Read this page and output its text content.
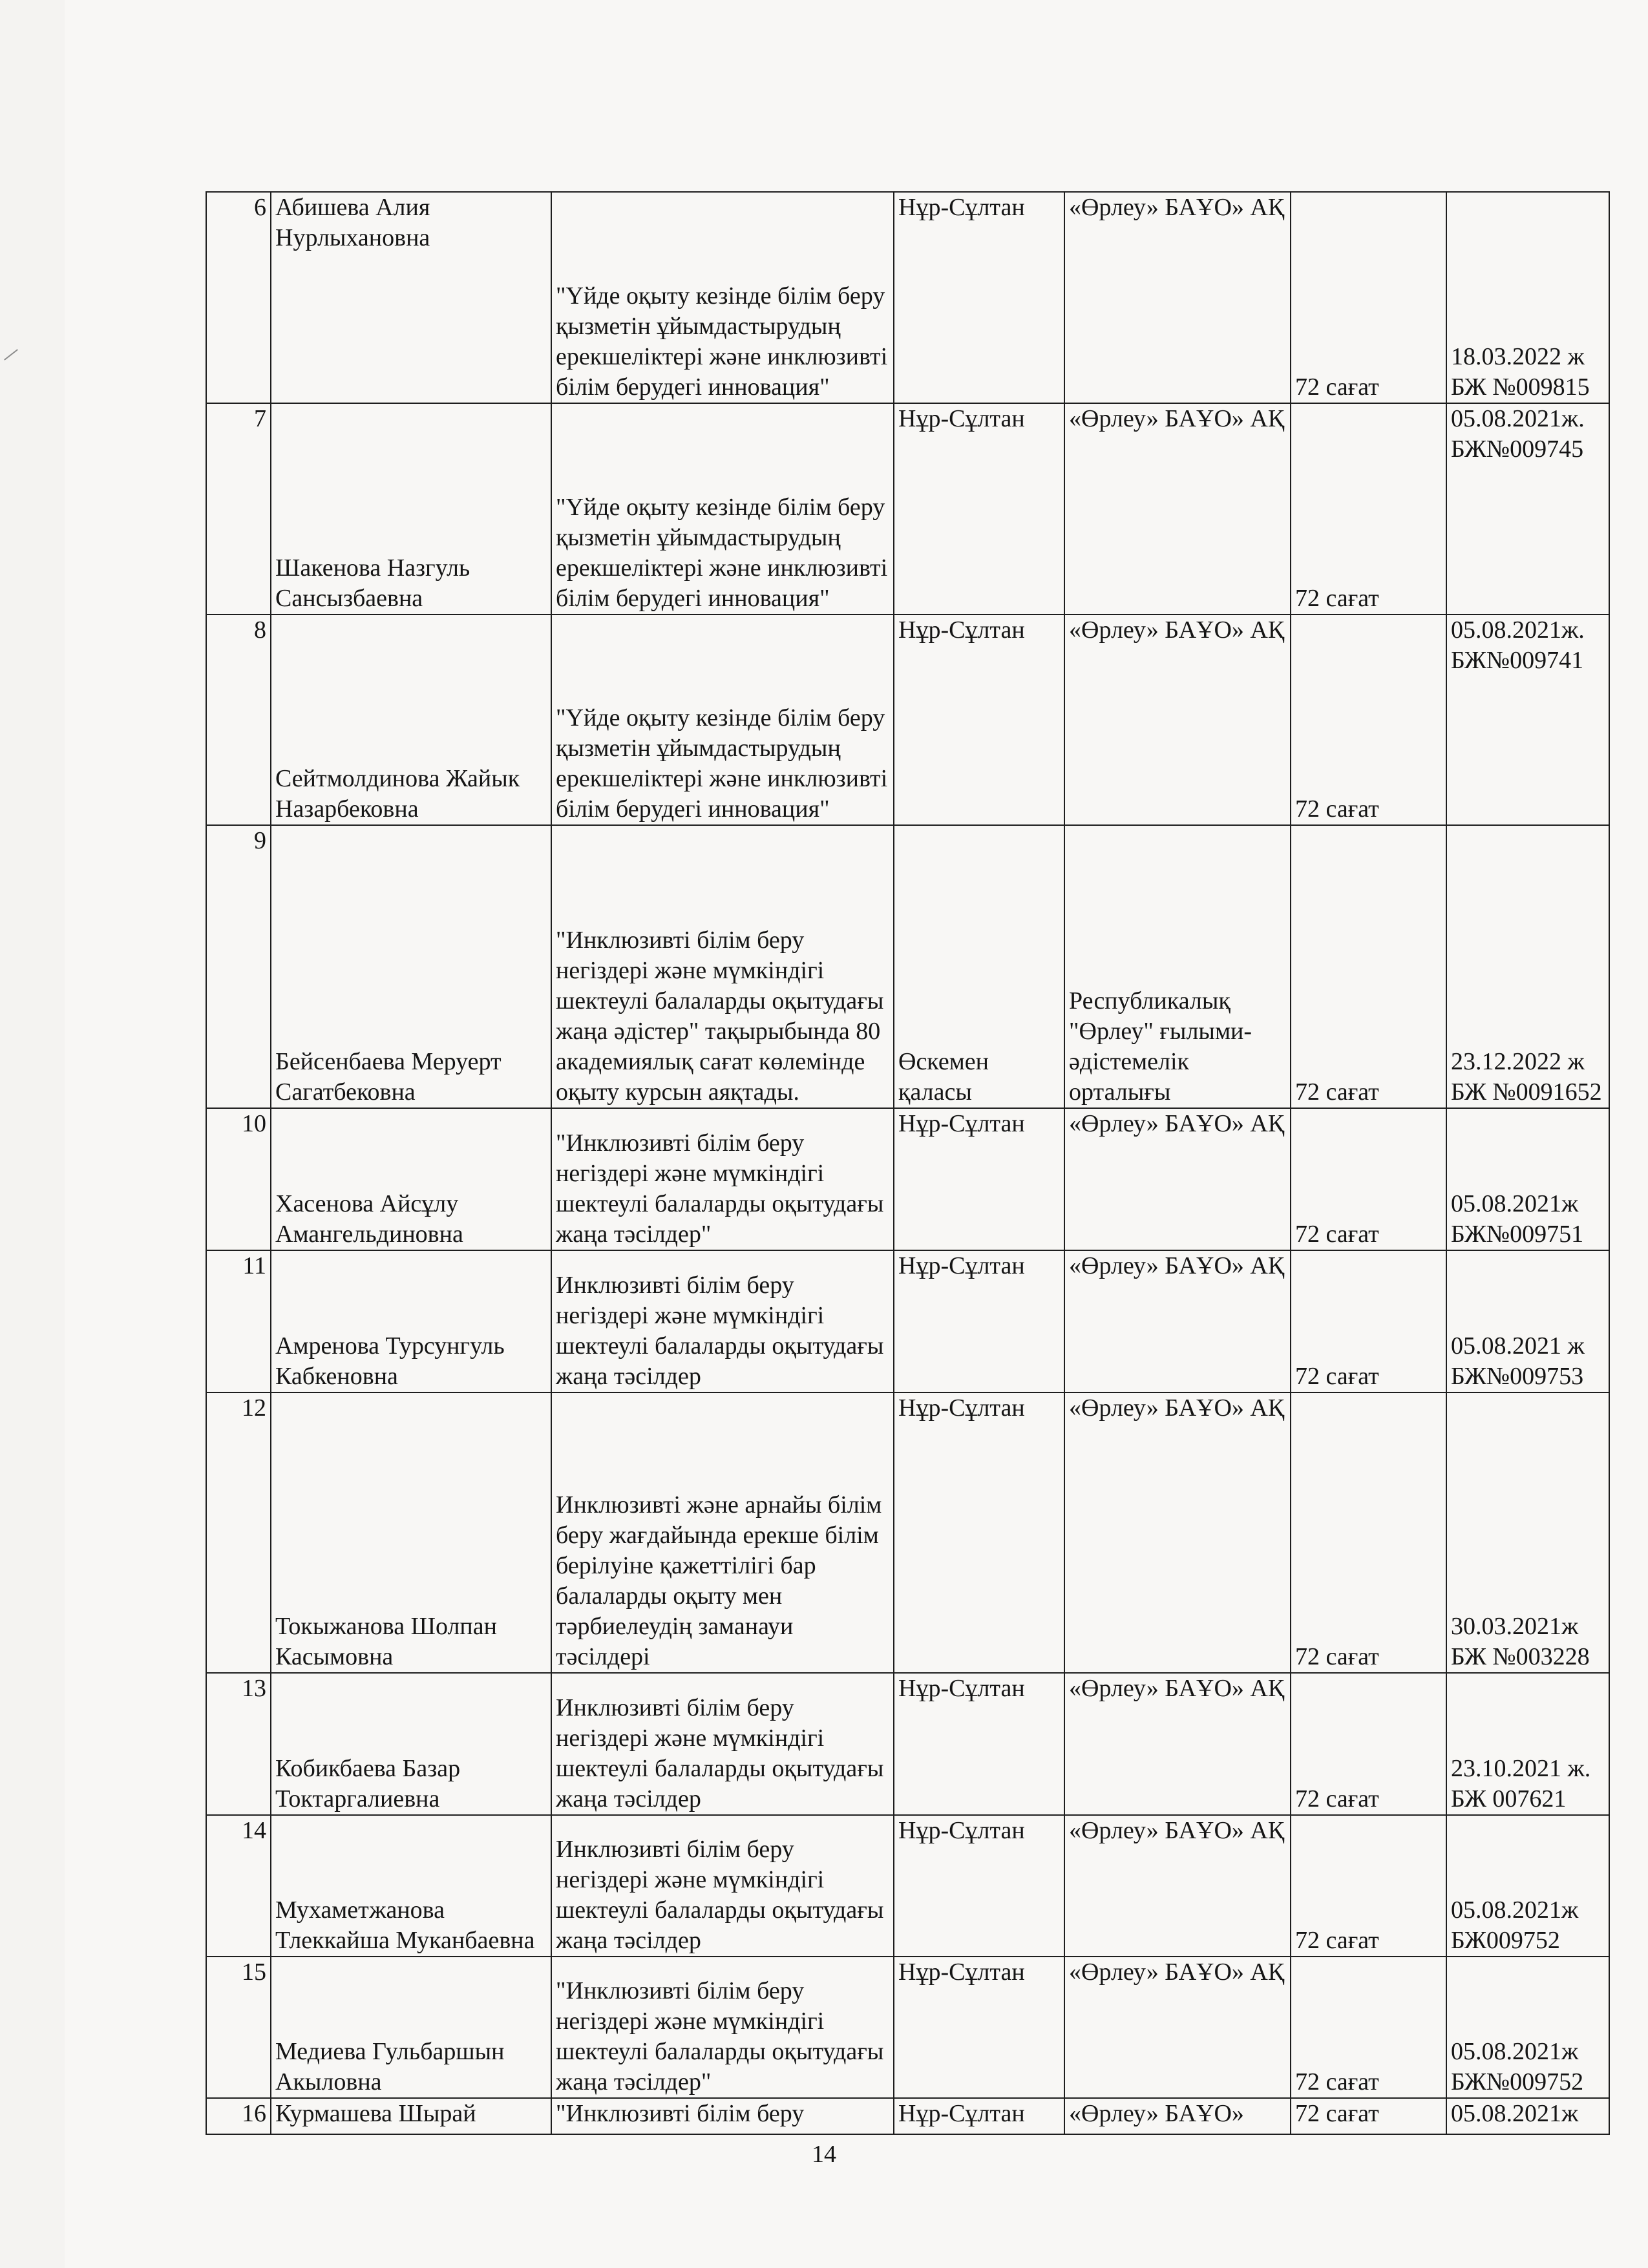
6	Абишева Алия Нурлыхановна	"Үйде оқыту кезінде білім беру қызметін ұйымдастырудың ерекшеліктері және инклюзивті білім берудегі инновация"	Нұр-Сұлтан	«Өрлеу» БАҰО» АҚ	72 сағат	18.03.2022 ж БЖ №009815
7	Шакенова Назгуль Сансызбаевна	"Үйде оқыту кезінде білім беру қызметін ұйымдастырудың ерекшеліктері және инклюзивті білім берудегі инновация"	Нұр-Сұлтан	«Өрлеу» БАҰО» АҚ	72 сағат	05.08.2021ж. БЖ№009745
8	Сейтмолдинова Жайык Назарбековна	"Үйде оқыту кезінде білім беру қызметін ұйымдастырудың ерекшеліктері және инклюзивті білім берудегі инновация"	Нұр-Сұлтан	«Өрлеу» БАҰО» АҚ	72 сағат	05.08.2021ж. БЖ№009741
9	Бейсенбаева Меруерт Сагатбековна	"Инклюзивті білім беру негіздері және мүмкіндігі шектеулі балаларды оқытудағы жаңа әдістер" тақырыбында 80 академиялық сағат көлемінде оқыту курсын аяқтады.	Өскемен қаласы	Республикалық "Өрлеу" ғылыми-әдістемелік орталығы	72 сағат	23.12.2022 ж БЖ №0091652
10	Хасенова Айсұлу Амангельдиновна	"Инклюзивті білім беру негіздері және мүмкіндігі шектеулі балаларды оқытудағы жаңа тәсілдер"	Нұр-Сұлтан	«Өрлеу» БАҰО» АҚ	72 сағат	05.08.2021ж БЖ№009751
11	Амренова Турсунгуль Кабкеновна	Инклюзивті білім беру негіздері және мүмкіндігі шектеулі балаларды оқытудағы жаңа тәсілдер	Нұр-Сұлтан	«Өрлеу» БАҰО» АҚ	72 сағат	05.08.2021 ж БЖ№009753
12	Токыжанова Шолпан Касымовна	Инклюзивті және арнайы білім беру жағдайында ерекше білім берілуіне қажеттілігі бар балаларды оқыту мен тәрбиелеудің заманауи тәсілдері	Нұр-Сұлтан	«Өрлеу» БАҰО» АҚ	72 сағат	30.03.2021ж БЖ №003228
13	Кобикбаева Базар Токтаргалиевна	Инклюзивті білім беру негіздері және мүмкіндігі шектеулі балаларды оқытудағы жаңа тәсілдер	Нұр-Сұлтан	«Өрлеу» БАҰО» АҚ	72 сағат	23.10.2021 ж. БЖ 007621
14	Мухаметжанова Тлеккайша Муканбаевна	Инклюзивті білім беру негіздері және мүмкіндігі шектеулі балаларды оқытудағы жаңа тәсілдер	Нұр-Сұлтан	«Өрлеу» БАҰО» АҚ	72 сағат	05.08.2021ж БЖ009752
15	Медиева Гульбаршын Акыловна	"Инклюзивті білім беру негіздері және мүмкіндігі шектеулі балаларды оқытудағы жаңа тәсілдер"	Нұр-Сұлтан	«Өрлеу» БАҰО» АҚ	72 сағат	05.08.2021ж БЖ№009752
16	Курмашева Шырай	"Инклюзивті білім беру	Нұр-Сұлтан	«Өрлеу» БАҰО»	72 сағат	05.08.2021ж
14
